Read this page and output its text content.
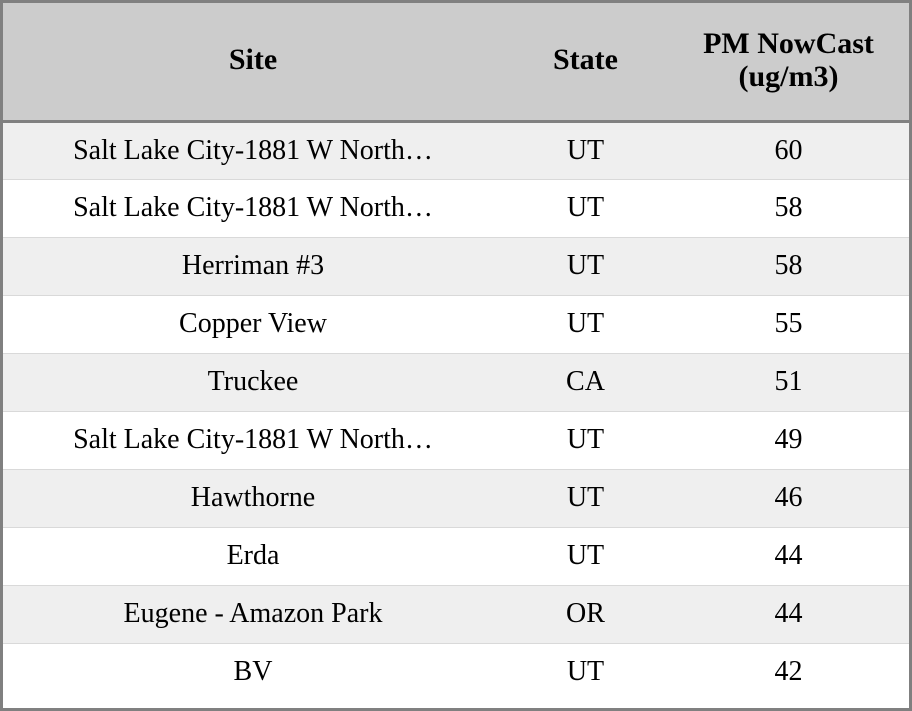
Site	State	PM NowCast (ug/m3)
Salt Lake City-1881 W North…	UT	60
Salt Lake City-1881 W North…	UT	58
Herriman #3	UT	58
Copper View	UT	55
Truckee	CA	51
Salt Lake City-1881 W North…	UT	49
Hawthorne	UT	46
Erda	UT	44
Eugene - Amazon Park	OR	44
BV	UT	42
